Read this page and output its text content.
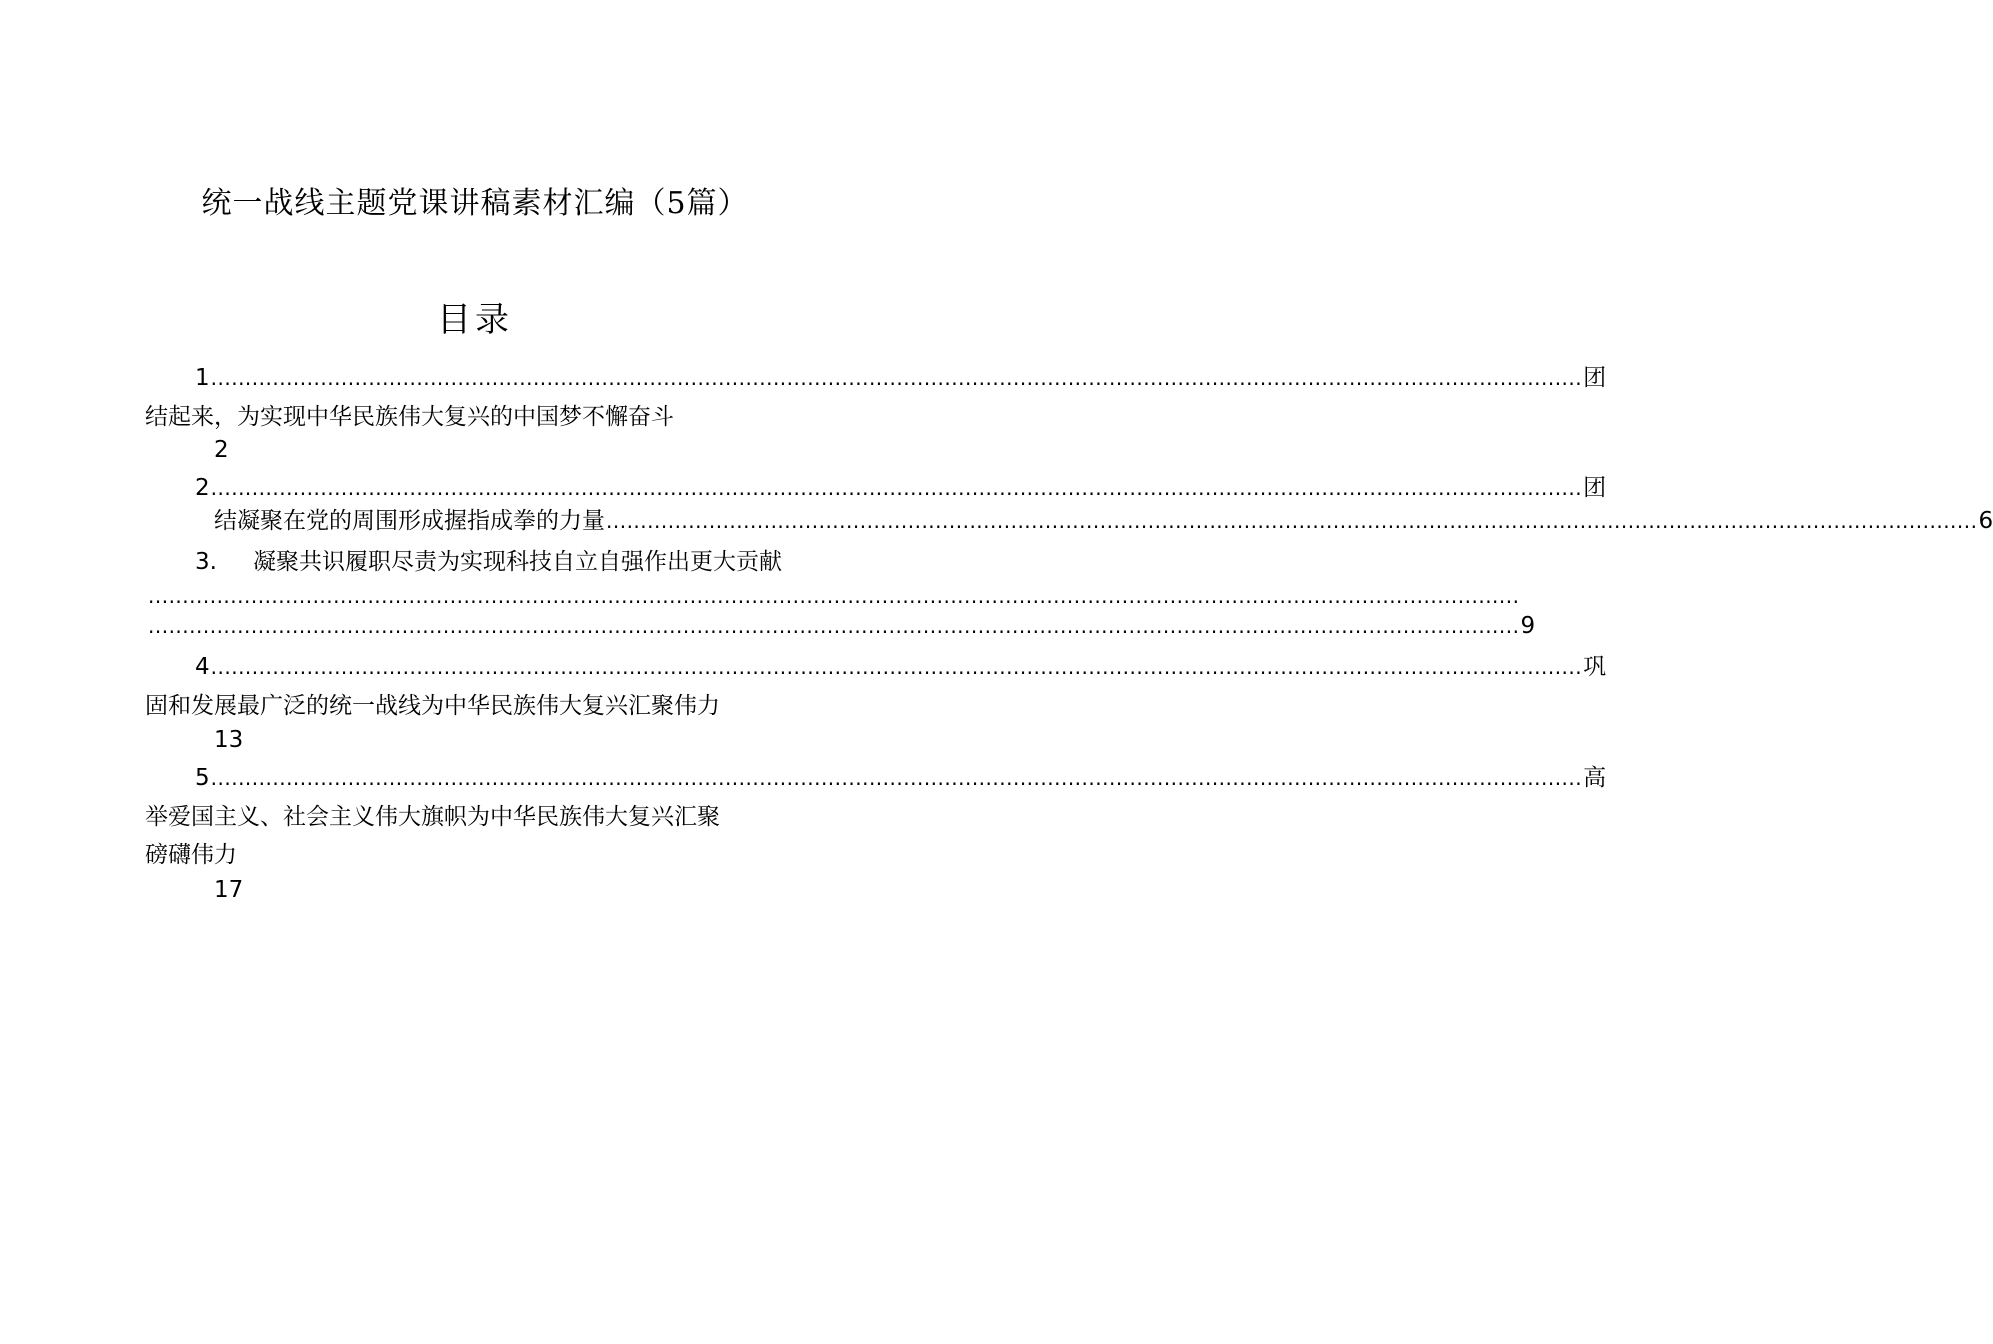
统一战线主题党课讲稿素材汇编（5篇）
目录
1 ........................................................................................................................................................................................................ 团
结起来，为实现中华民族伟大复兴的中国梦不懈奋斗
2
2 ........................................................................................................................................................................................................ 团
结凝聚在党的周围形成握指成拳的力量 ........................................................................................................................................................................................................ 6
3. 凝聚共识履职尽责为实现科技自立自强作出更大贡献
........................................................................................................................................................................................................
........................................................................................................................................................................................................ 9
4 ........................................................................................................................................................................................................ 巩
固和发展最广泛的统一战线为中华民族伟大复兴汇聚伟力
13
5 ........................................................................................................................................................................................................ 高
举爱国主义、社会主义伟大旗帜为中华民族伟大复兴汇聚
磅礴伟力
17
